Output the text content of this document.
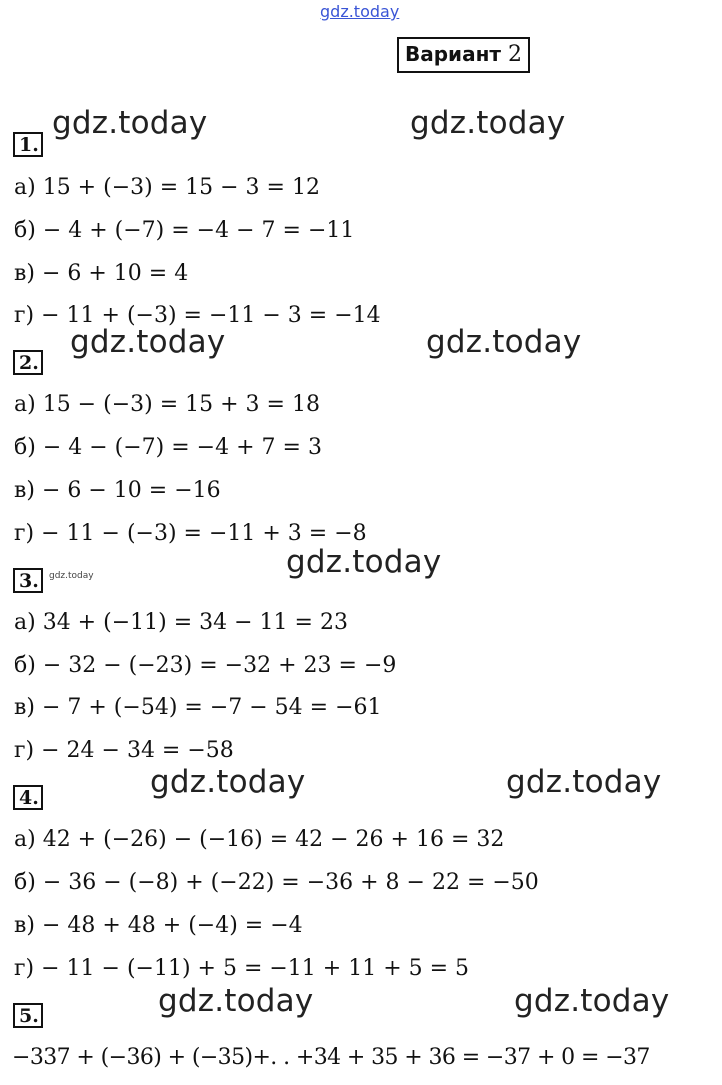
gdz.today
Вариант 2
gdz.today	gdz.today
gdz.today	gdz.today
gdz.today
gdz.today
gdz.today	gdz.today
gdz.today	gdz.today
1.
а) 15 + (−3) = 15 − 3 = 12
б) − 4 + (−7) = −4 − 7 = −11
в) − 6 + 10 = 4
г) − 11 + (−3) = −11 − 3 = −14
2.
а) 15 − (−3) = 15 + 3 = 18
б) − 4 − (−7) = −4 + 7 = 3
в) − 6 − 10 = −16
г) − 11 − (−3) = −11 + 3 = −8
3.
а) 34 + (−11) = 34 − 11 = 23
б) − 32 − (−23) = −32 + 23 = −9
в) − 7 + (−54) = −7 − 54 = −61
г) − 24 − 34 = −58
4.
а) 42 + (−26) − (−16) = 42 − 26 + 16 = 32
б) − 36 − (−8) + (−22) = −36 + 8 − 22 = −50
в) − 48 + 48 + (−4) = −4
г) − 11 − (−11) + 5 = −11 + 11 + 5 = 5
5.
−337 + (−36) + (−35)+. . +34 + 35 + 36 = −37 + 0 = −37
